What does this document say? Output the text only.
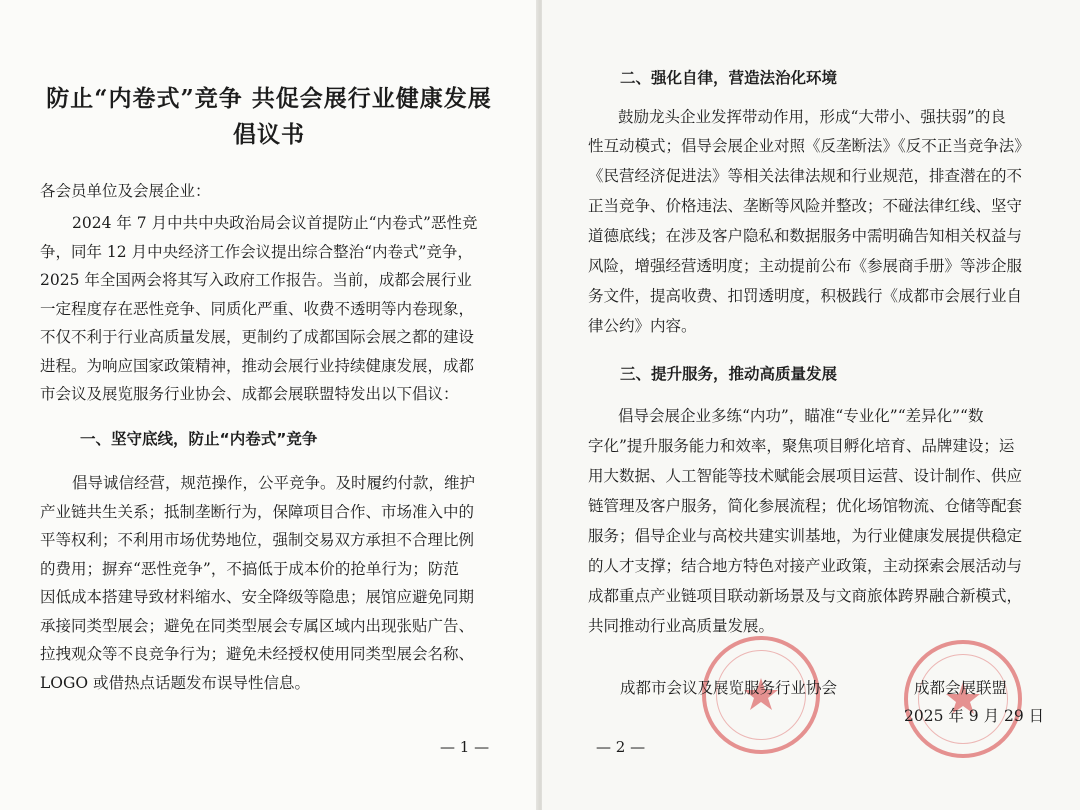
防止“内卷式”竞争 共促会展行业健康发展
倡议书

各会员单位及会展企业：

2024 年 7 月中共中央政治局会议首提防止“内卷式”恶性竞

争，同年 12 月中央经济工作会议提出综合整治“内卷式”竞争，

2025 年全国两会将其写入政府工作报告。当前，成都会展行业

一定程度存在恶性竞争、同质化严重、收费不透明等内卷现象，

不仅不利于行业高质量发展，更制约了成都国际会展之都的建设

进程。为响应国家政策精神，推动会展行业持续健康发展，成都

市会议及展览服务行业协会、成都会展联盟特发出以下倡议：

一、坚守底线，防止“内卷式”竞争

倡导诚信经营，规范操作，公平竞争。及时履约付款，维护

产业链共生关系；抵制垄断行为，保障项目合作、市场准入中的

平等权利；不利用市场优势地位，强制交易双方承担不合理比例

的费用；摒弃“恶性竞争”，不搞低于成本价的抢单行为；防范

因低成本搭建导致材料缩水、安全降级等隐患；展馆应避免同期

承接同类型展会；避免在同类型展会专属区域内出现张贴广告、

拉拽观众等不良竞争行为；避免未经授权使用同类型展会名称、

LOGO 或借热点话题发布误导性信息。

— 1 —

二、强化自律，营造法治化环境

鼓励龙头企业发挥带动作用，形成“大带小、强扶弱”的良

性互动模式；倡导会展企业对照《反垄断法》《反不正当竞争法》

《民营经济促进法》等相关法律法规和行业规范，排查潜在的不

正当竞争、价格违法、垄断等风险并整改；不碰法律红线、坚守

道德底线；在涉及客户隐私和数据服务中需明确告知相关权益与

风险，增强经营透明度；主动提前公布《参展商手册》等涉企服

务文件，提高收费、扣罚透明度，积极践行《成都市会展行业自

律公约》内容。

三、提升服务，推动高质量发展

倡导会展企业多练“内功”，瞄准“专业化”“差异化”“数

字化”提升服务能力和效率，聚焦项目孵化培育、品牌建设；运

用大数据、人工智能等技术赋能会展项目运营、设计制作、供应

链管理及客户服务，简化参展流程；优化场馆物流、仓储等配套

服务；倡导企业与高校共建实训基地，为行业健康发展提供稳定

的人才支撑；结合地方特色对接产业政策，主动探索会展活动与

成都重点产业链项目联动新场景及与文商旅体跨界融合新模式，

共同推动行业高质量发展。

成都市会议及展览服务行业协会	成都会展联盟

2025 年 9 月 29 日

— 2 —
